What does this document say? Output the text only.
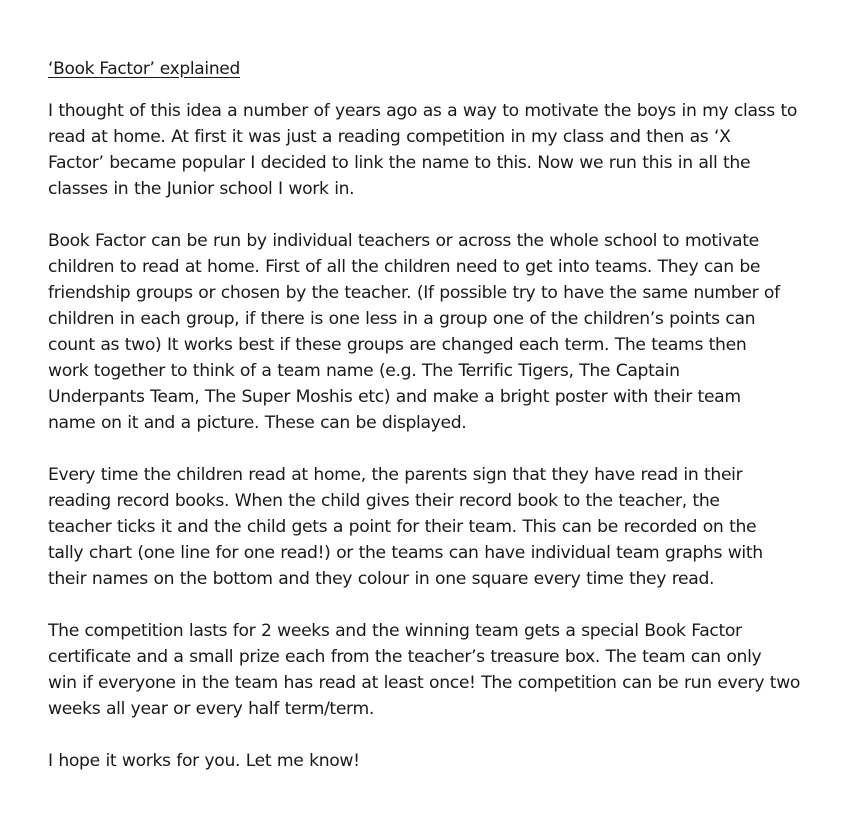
‘Book Factor’ explained
I thought of this idea a number of years ago as a way to motivate the boys in my class to
read at home. At first it was just a reading competition in my class and then as ‘X
Factor’ became popular I decided to link the name to this. Now we run this in all the
classes in the Junior school I work in.
Book Factor can be run by individual teachers or across the whole school to motivate
children to read at home. First of all the children need to get into teams. They can be
friendship groups or chosen by the teacher. (If possible try to have the same number of
children in each group, if there is one less in a group one of the children’s points can
count as two) It works best if these groups are changed each term. The teams then
work together to think of a team name (e.g. The Terrific Tigers, The Captain
Underpants Team, The Super Moshis etc) and make a bright poster with their team
name on it and a picture. These can be displayed.
Every time the children read at home, the parents sign that they have read in their
reading record books. When the child gives their record book to the teacher, the
teacher ticks it and the child gets a point for their team. This can be recorded on the
tally chart (one line for one read!) or the teams can have individual team graphs with
their names on the bottom and they colour in one square every time they read.
The competition lasts for 2 weeks and the winning team gets a special Book Factor
certificate and a small prize each from the teacher’s treasure box. The team can only
win if everyone in the team has read at least once! The competition can be run every two
weeks all year or every half term/term.
I hope it works for you. Let me know!
